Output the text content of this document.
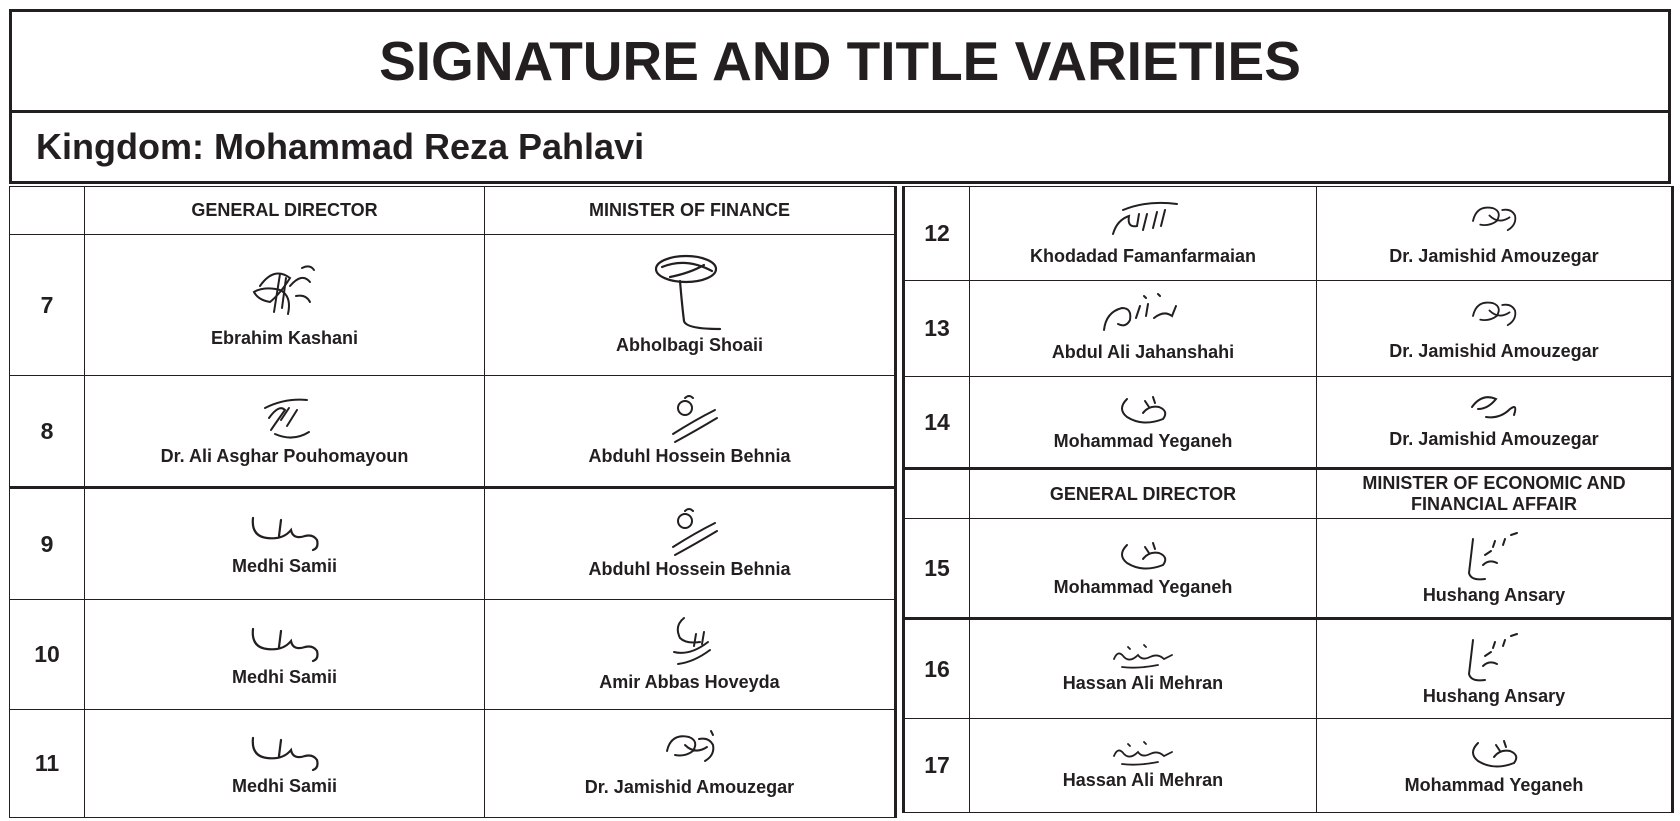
SIGNATURE AND TITLE VARIETIES
Kingdom: Mohammad Reza Pahlavi
	GENERAL DIRECTOR	MINISTER OF FINANCE
7	Ebrahim Kashani	Abholbagi Shoaii

8	Dr. Ali Asghar Pouhomayoun	Abduhl Hossein Behnia

9	Medhi Samii	Abduhl Hossein Behnia

10	Medhi Samii	Amir Abbas Hoveyda

11	Medhi Samii	Dr. Jamishid Amouzegar
12	Khodadad Famanfarmaian	Dr. Jamishid Amouzegar

13	Abdul Ali Jahanshahi	Dr. Jamishid Amouzegar

14	Mohammad Yeganeh	Dr. Jamishid Amouzegar

	GENERAL DIRECTOR	MINISTER OF ECONOMIC AND FINANCIAL AFFAIR

15	Mohammad Yeganeh	Hushang Ansary

16	Hassan Ali Mehran	Hushang Ansary

17	Hassan Ali Mehran	Mohammad Yeganeh
